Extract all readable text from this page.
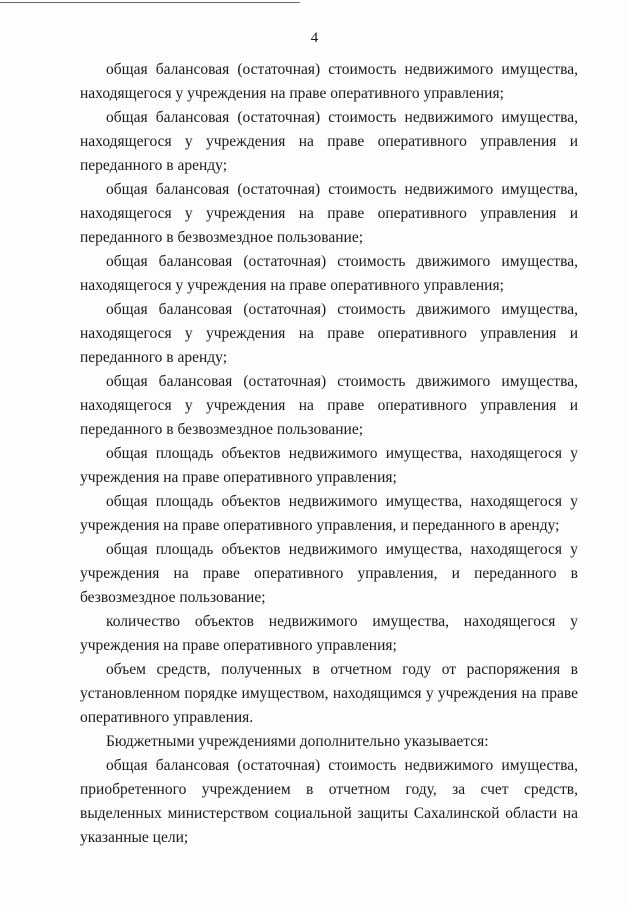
4

общая балансовая (остаточная) стоимость недвижимого имущества, находящегося у учреждения на праве оперативного управления;

общая балансовая (остаточная) стоимость недвижимого имущества, находящегося у учреждения на праве оперативного управления и переданного в аренду;

общая балансовая (остаточная) стоимость недвижимого имущества, находящегося у учреждения на праве оперативного управления и переданного в безвозмездное пользование;

общая балансовая (остаточная) стоимость движимого имущества, находящегося у учреждения на праве оперативного управления;

общая балансовая (остаточная) стоимость движимого имущества, находящегося у учреждения на праве оперативного управления и переданного в аренду;

общая балансовая (остаточная) стоимость движимого имущества, находящегося у учреждения на праве оперативного управления и переданного в безвозмездное пользование;

общая площадь объектов недвижимого имущества, находящегося у учреждения на праве оперативного управления;

общая площадь объектов недвижимого имущества, находящегося у учреждения на праве оперативного управления, и переданного в аренду;

общая площадь объектов недвижимого имущества, находящегося у учреждения на праве оперативного управления, и переданного в безвозмездное пользование;

количество объектов недвижимого имущества, находящегося у учреждения на праве оперативного управления;

объем средств, полученных в отчетном году от распоряжения в установленном порядке имуществом, находящимся у учреждения на праве оперативного управления.

Бюджетными учреждениями дополнительно указывается:

общая балансовая (остаточная) стоимость недвижимого имущества, приобретенного учреждением в отчетном году, за счет средств, выделенных министерством социальной защиты Сахалинской области на указанные цели;
